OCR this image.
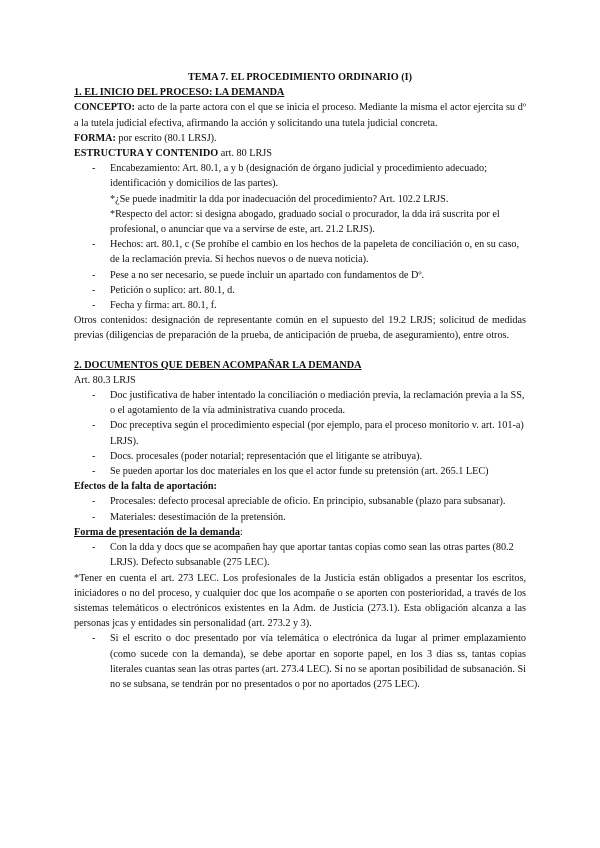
TEMA 7. EL PROCEDIMIENTO ORDINARIO (I)

1. EL INICIO DEL PROCESO: LA DEMANDA

CONCEPTO: acto de la parte actora con el que se inicia el proceso. Mediante la misma el actor ejercita su dº a la tutela judicial efectiva, afirmando la acción y solicitando una tutela judicial concreta.

FORMA: por escrito (80.1 LRSJ).

ESTRUCTURA Y CONTENIDO art. 80 LRJS

- Encabezamiento: Art. 80.1, a y b (designación de órgano judicial y procedimiento adecuado; identificación y domicilios de las partes).
*¿Se puede inadmitir la dda por inadecuación del procedimiento? Art. 102.2 LRJS.
*Respecto del actor: si designa abogado, graduado social o procurador, la dda irá suscrita por el profesional, o anunciar que va a servirse de este, art. 21.2 LRJS).
- Hechos: art. 80.1, c (Se prohíbe el cambio en los hechos de la papeleta de conciliación o, en su caso, de la reclamación previa. Si hechos nuevos o de nueva noticia).
- Pese a no ser necesario, se puede incluir un apartado con fundamentos de Dº.
- Petición o suplico: art. 80.1, d.
- Fecha y firma: art. 80.1, f.

Otros contenidos: designación de representante común en el supuesto del 19.2 LRJS; solicitud de medidas previas (diligencias de preparación de la prueba, de anticipación de prueba, de aseguramiento), entre otros.

2. DOCUMENTOS QUE DEBEN ACOMPAÑAR LA DEMANDA

Art. 80.3 LRJS

- Doc justificativa de haber intentado la conciliación o mediación previa, la reclamación previa a la SS, o el agotamiento de la vía administrativa cuando proceda.
- Doc preceptiva según el procedimiento especial (por ejemplo, para el proceso monitorio v. art. 101-a) LRJS).
- Docs. procesales (poder notarial; representación que el litigante se atribuya).
- Se pueden aportar los doc materiales en los que el actor funde su pretensión (art. 265.1 LEC)

Efectos de la falta de aportación:

- Procesales: defecto procesal apreciable de oficio. En principio, subsanable (plazo para subsanar).
- Materiales: desestimación de la pretensión.

Forma de presentación de la demanda:

- Con la dda y docs que se acompañen hay que aportar tantas copias como sean las otras partes (80.2 LRJS). Defecto subsanable (275 LEC).

*Tener en cuenta el art. 273 LEC. Los profesionales de la Justicia están obligados a presentar los escritos, iniciadores o no del proceso, y cualquier doc que los acompañe o se aporten con posterioridad, a través de los sistemas telemáticos o electrónicos existentes en la Adm. de Justicia (273.1). Esta obligación alcanza a las personas jcas y entidades sin personalidad (art. 273.2 y 3).

- Si el escrito o doc presentado por vía telemática o electrónica da lugar al primer emplazamiento (como sucede con la demanda), se debe aportar en soporte papel, en los 3 días ss, tantas copias literales cuantas sean las otras partes (art. 273.4 LEC). Si no se aportan posibilidad de subsanación. Si no se subsana, se tendrán por no presentados o por no aportados (275 LEC).
